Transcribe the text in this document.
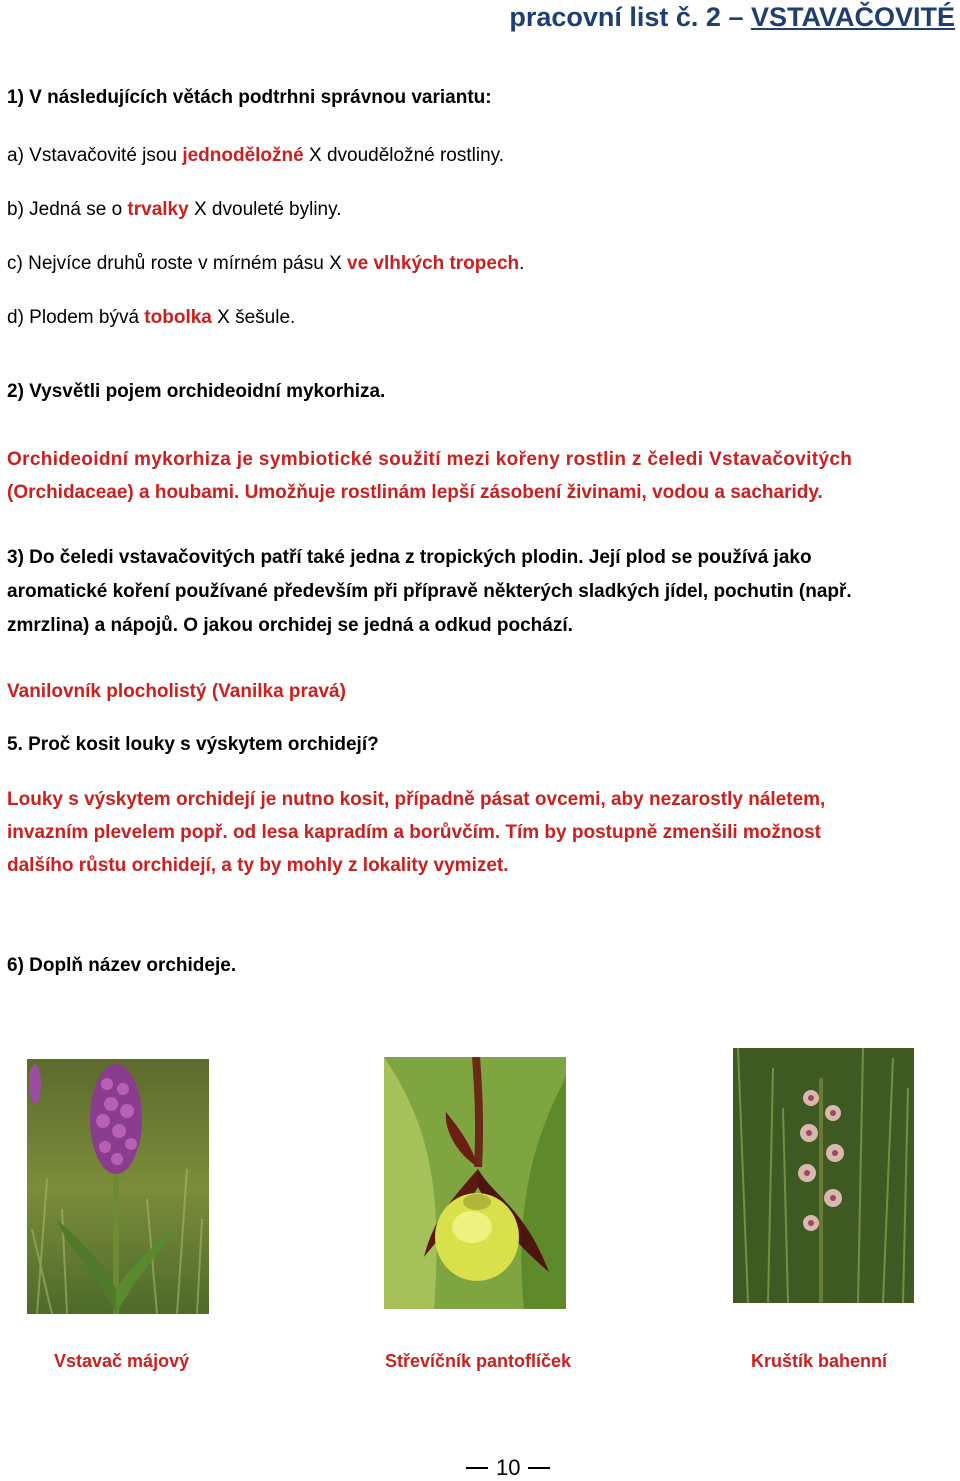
pracovní list č. 2 – VSTAVAČOVITÉ
1) V následujících větách podtrhni správnou variantu:
a) Vstavačovité jsou jednoděložné X dvouděložné rostliny.
b) Jedná se o trvalky X dvouleté byliny.
c) Nejvíce druhů roste v mírném pásu X ve vlhkých tropech.
d) Plodem bývá tobolka X šešule.
2) Vysvětli pojem orchideoidní mykorhiza.
Orchideoidní mykorhiza je symbiotické soužití mezi kořeny rostlin z čeledi Vstavačovitých
(Orchidaceae) a houbami. Umožňuje rostlinám lepší zásobení živinami, vodou a sacharidy.
3) Do čeledi vstavačovitých patří také jedna z tropických plodin. Její plod se používá jako
aromatické koření používané především při přípravě některých sladkých jídel, pochutin (např.
zmrzlina) a nápojů. O jakou orchidej se jedná a odkud pochází.
Vanilovník plocholistý (Vanilka pravá)
5. Proč kosit louky s výskytem orchidejí?
Louky s výskytem orchidejí je nutno kosit, případně pásat ovcemi, aby nezarostly náletem,
invazním plevelem popř. od lesa kapradím a borůvčím. Tím by postupně zmenšili možnost
dalšího růstu orchidejí, a ty by mohly z lokality vymizet.
6) Doplň název orchideje.
Vstavač májový	Střevíčník pantoflíček	Kruštík bahenní
10
